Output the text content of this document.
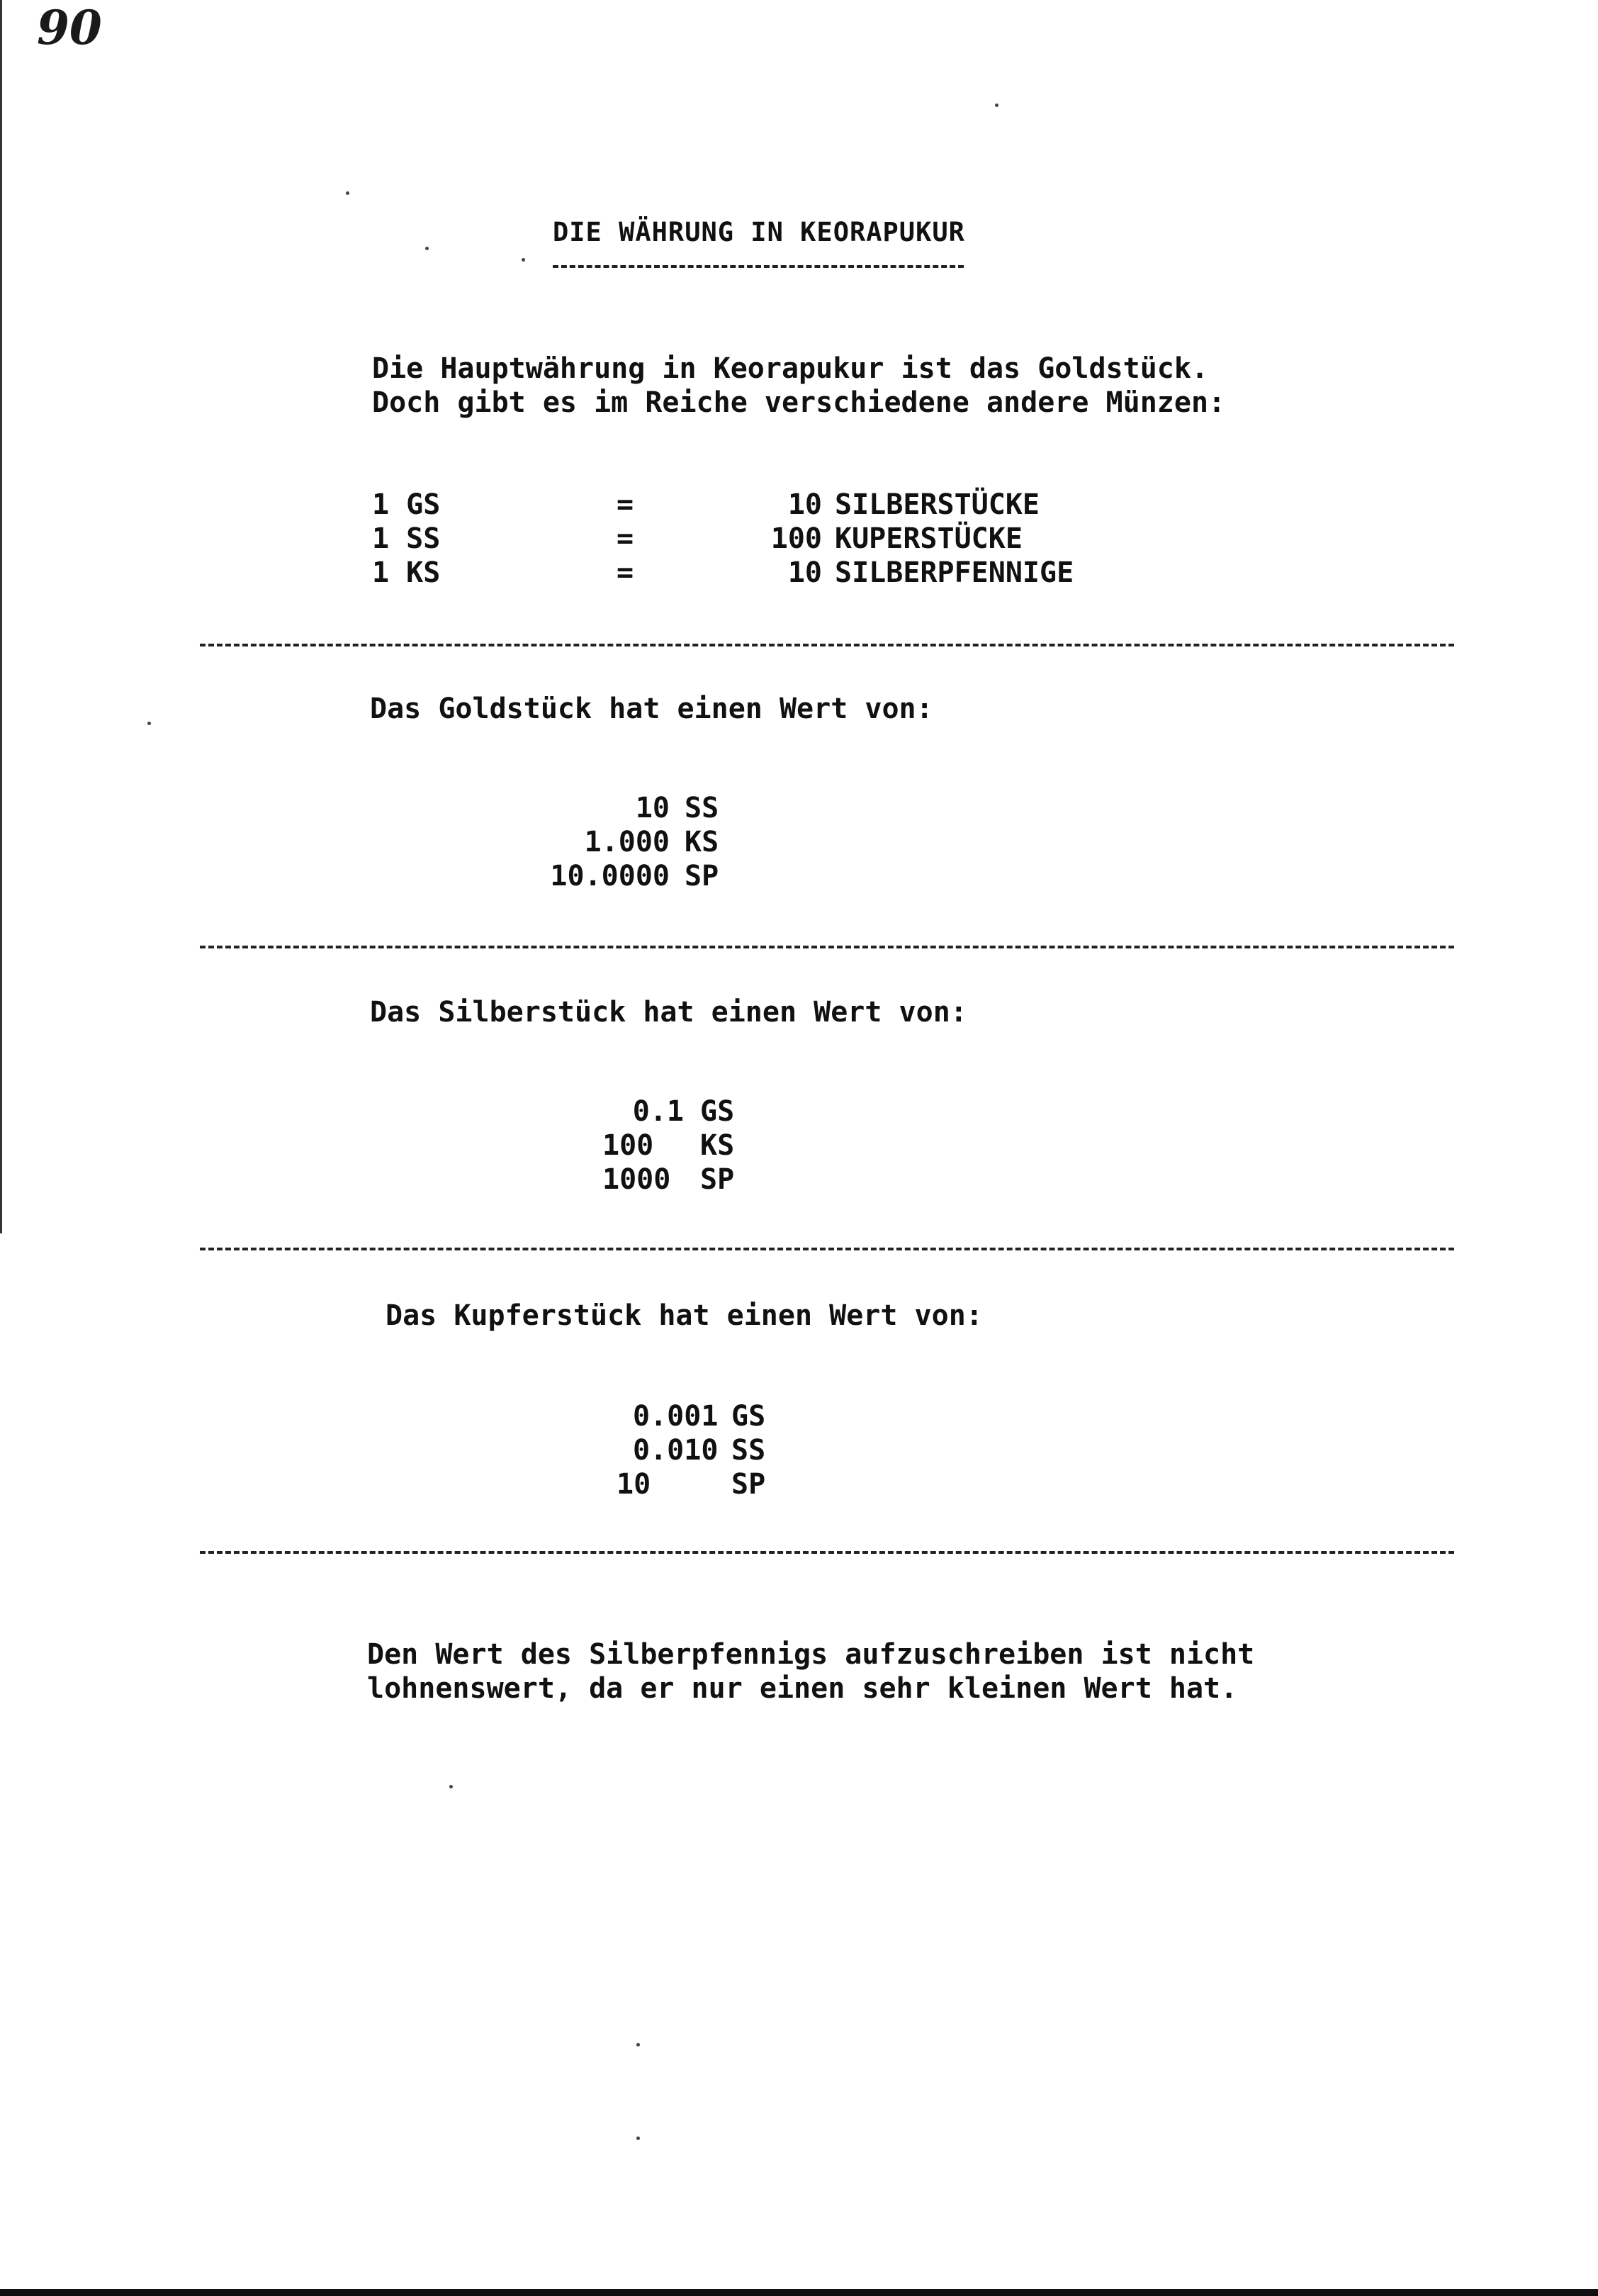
90
DIE WÄHRUNG IN KEORAPUKUR
Die Hauptwährung in Keorapukur ist das Goldstück.
Doch gibt es im Reiche verschiedene andere Münzen:
1 GS	=	10 SILBERSTÜCKE
1 SS	=	100 KUPERSTÜCKE
1 KS	=	10 SILBERPFENNIGE
Das Goldstück hat einen Wert von:
10 SS
1.000 KS
10.0000 SP
Das Silberstück hat einen Wert von:
0.1 GS
100	KS
1000	SP
Das Kupferstück hat einen Wert von:
0.001 GS
0.010 SS
10	SP
Den Wert des Silberpfennigs aufzuschreiben ist nicht
lohnenswert, da er nur einen sehr kleinen Wert hat.
